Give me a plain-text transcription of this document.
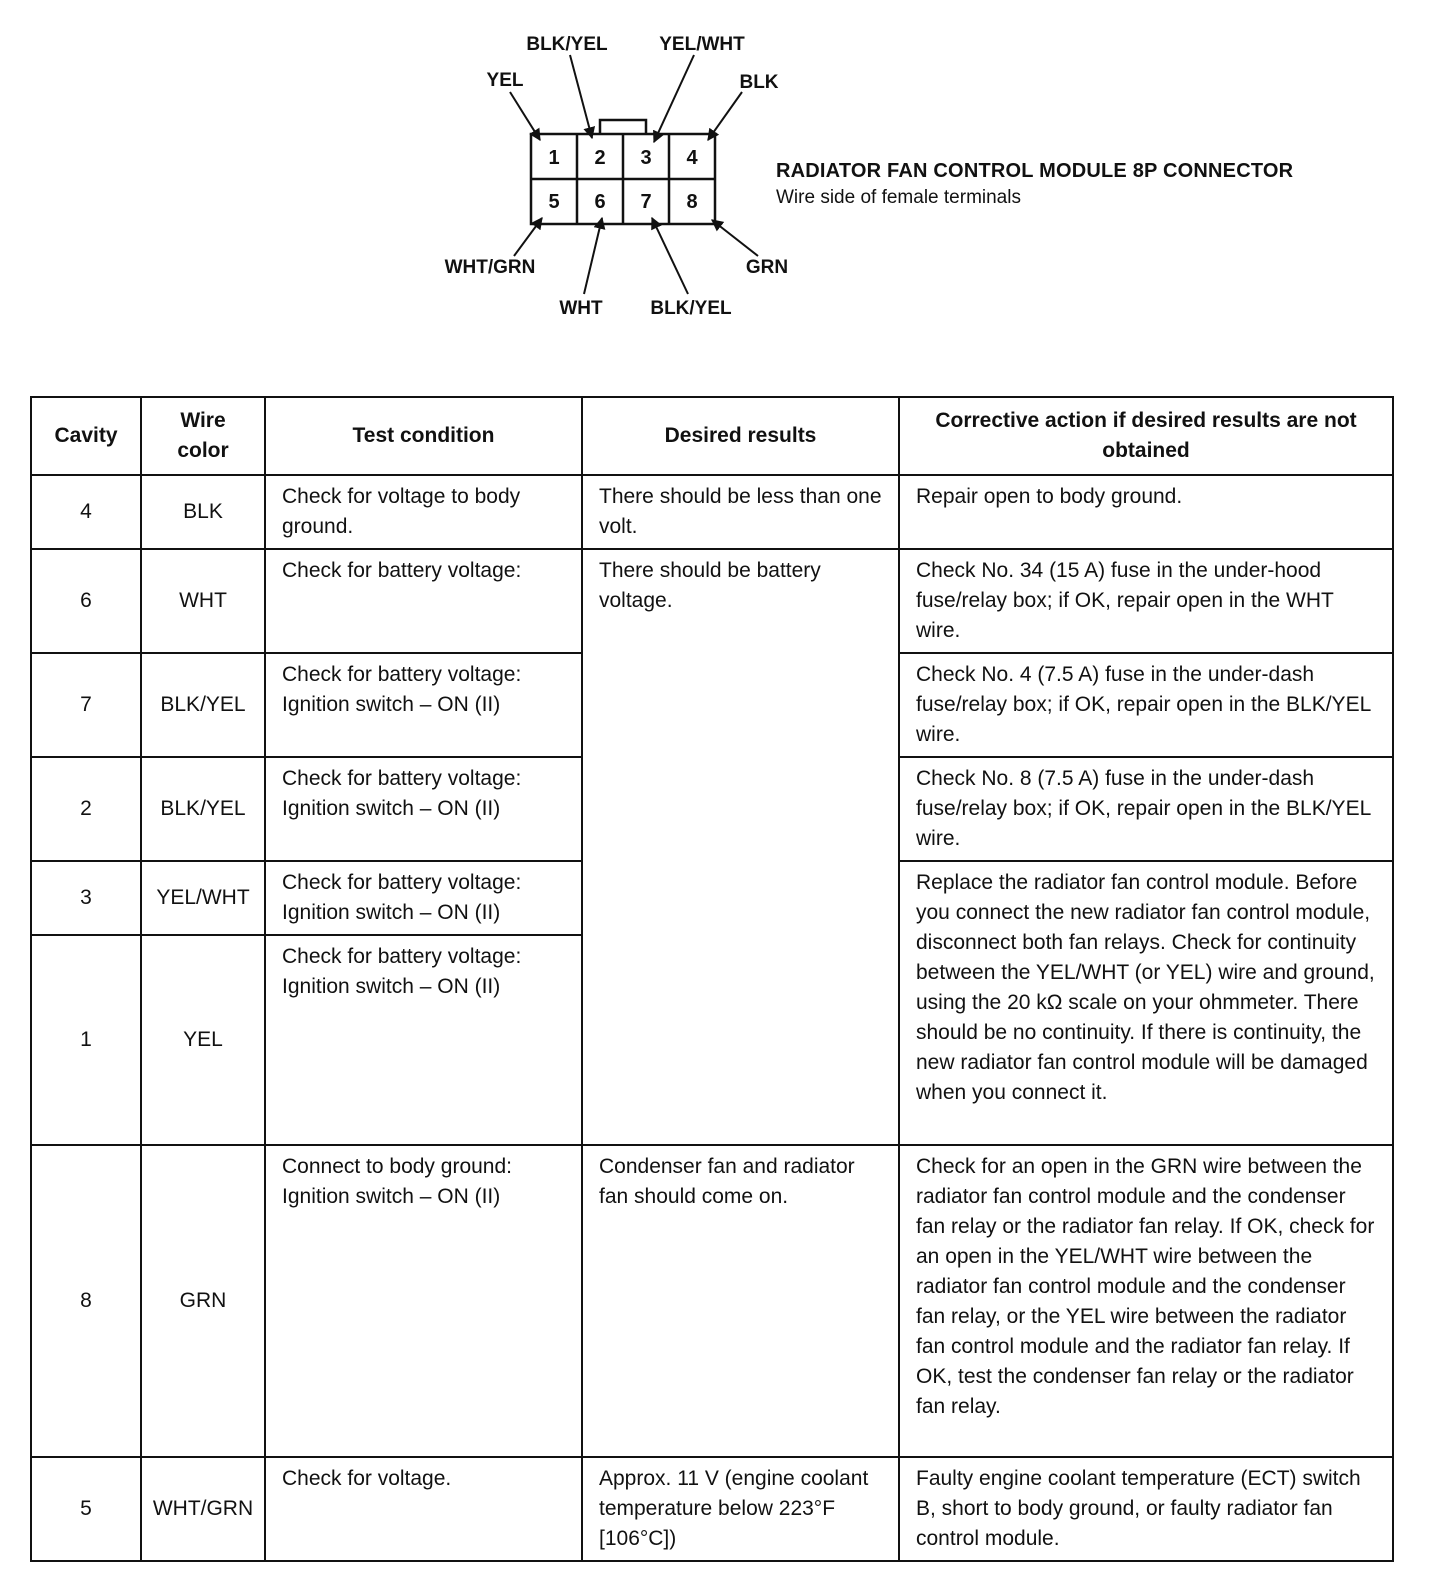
1 2 3 4
5 6 7 8
YEL
BLK/YEL	YEL/WHT
BLK
WHT/GRN
WHT	BLK/YEL
GRN
RADIATOR FAN CONTROL MODULE 8P CONNECTOR
Wire side of female terminals
Cavity	Wire color	Test condition	Desired results	Corrective action if desired results are not obtained
4	BLK	Check for voltage to body ground.	There should be less than one volt.	Repair open to body ground.
6	WHT	Check for battery voltage:	There should be battery voltage.	Check No. 34 (15 A) fuse in the under-hood fuse/relay box; if OK, repair open in the WHT wire.
7	BLK/YEL	Check for battery voltage: Ignition switch – ON (II)		Check No. 4 (7.5 A) fuse in the under-dash fuse/relay box; if OK, repair open in the BLK/YEL wire.
2	BLK/YEL	Check for battery voltage: Ignition switch – ON (II)		Check No. 8 (7.5 A) fuse in the under-dash fuse/relay box; if OK, repair open in the BLK/YEL wire.
3	YEL/WHT	Check for battery voltage: Ignition switch – ON (II)		Replace the radiator fan control module. Before you connect the new radiator fan control module, disconnect both fan relays. Check for continuity between the YEL/WHT (or YEL) wire and ground, using the 20 kΩ scale on your ohmmeter. There should be no continuity. If there is continuity, the new radiator fan control module will be damaged when you connect it.
1	YEL	Check for battery voltage: Ignition switch – ON (II)		
8	GRN	Connect to body ground: Ignition switch – ON (II)	Condenser fan and radiator fan should come on.	Check for an open in the GRN wire between the radiator fan control module and the condenser fan relay or the radiator fan relay. If OK, check for an open in the YEL/WHT wire between the radiator fan control module and the condenser fan relay, or the YEL wire between the radiator fan control module and the radiator fan relay. If OK, test the condenser fan relay or the radiator fan relay.
5	WHT/GRN	Check for voltage.	Approx. 11 V (engine coolant temperature below 223°F [106°C])	Faulty engine coolant temperature (ECT) switch B, short to body ground, or faulty radiator fan control module.
